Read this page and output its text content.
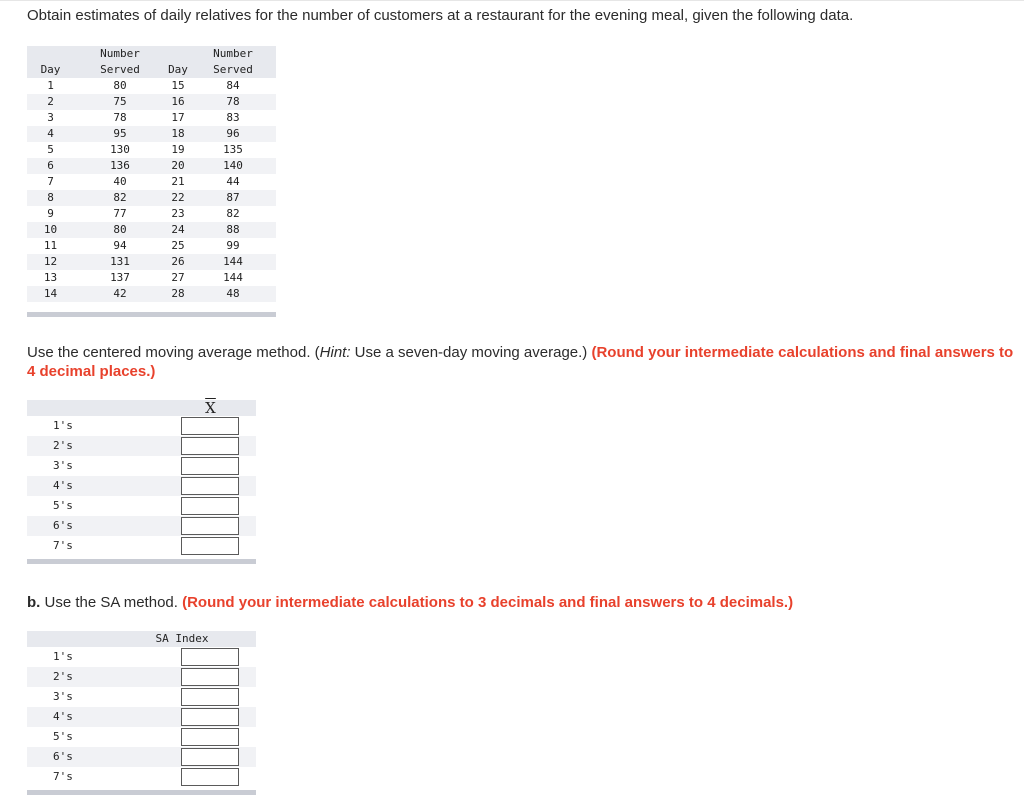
Obtain estimates of daily relatives for the number of customers at a restaurant for the evening meal, given the following data.
	Number		Number
Day	Served	Day	Served
1	80	15	84
2	75	16	78
3	78	17	83
4	95	18	96
5	130	19	135
6	136	20	140
7	40	21	44
8	82	22	87
9	77	23	82
10	80	24	88
11	94	25	99
12	131	26	144
13	137	27	144
14	42	28	48
Use the centered moving average method. (Hint: Use a seven-day moving average.) (Round your intermediate calculations and final answers to 4 decimal places.)
$\overline{X}$
1's
2's
3's
4's
5's
6's
7's
b. Use the SA method. (Round your intermediate calculations to 3 decimals and final answers to 4 decimals.)
SA Index
1's
2's
3's
4's
5's
6's
7's
